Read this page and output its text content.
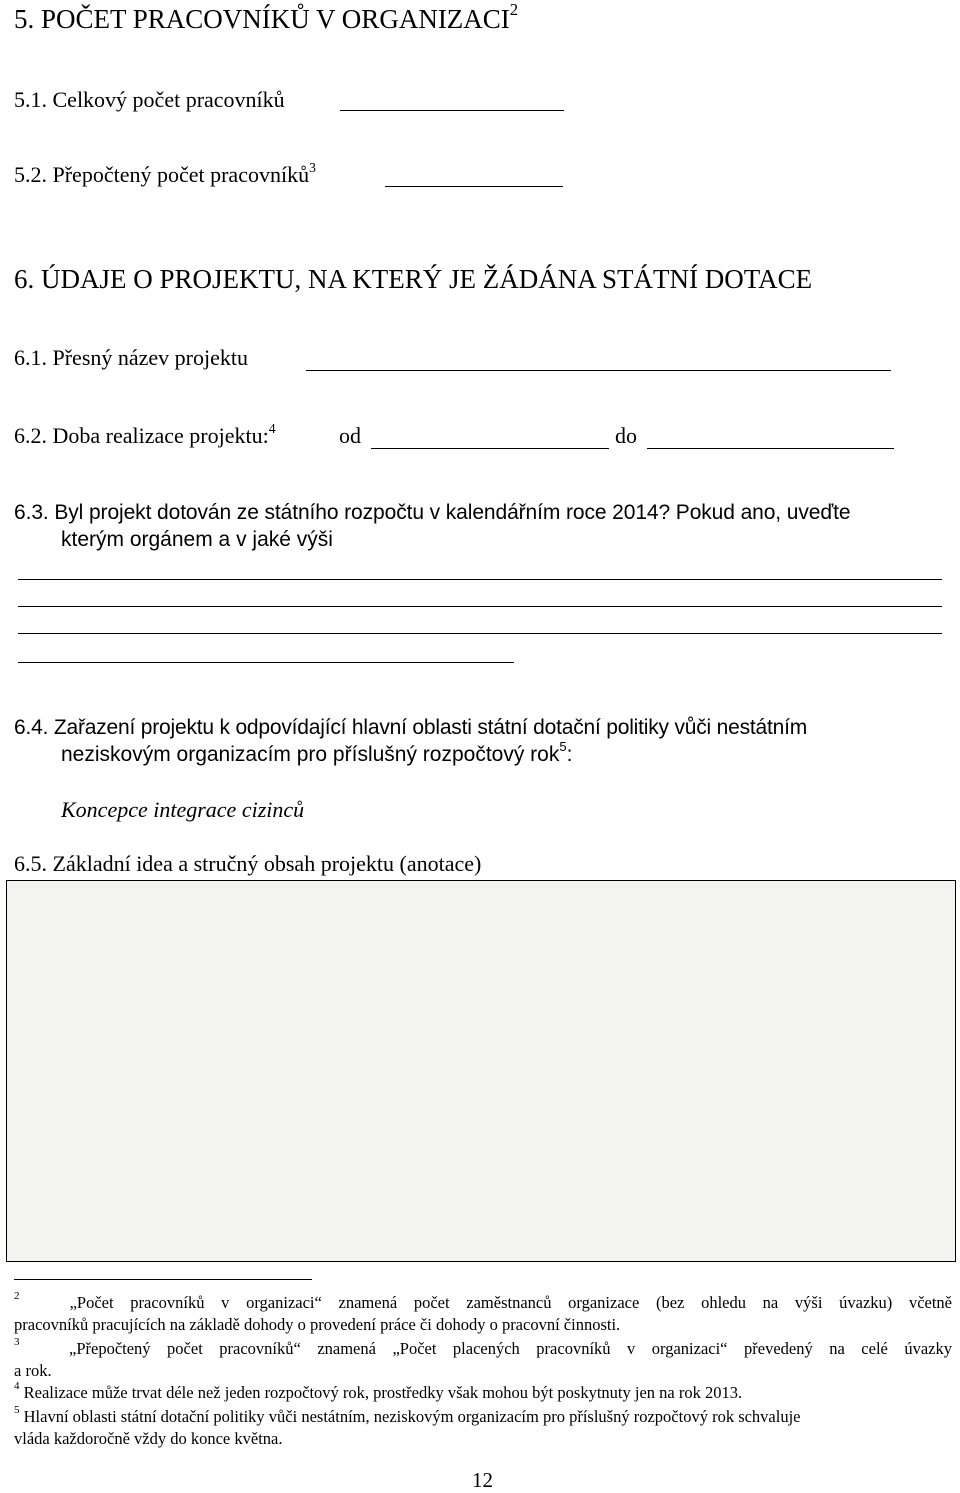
5. POČET PRACOVNÍKŮ V ORGANIZACI$^2$
5.1. Celkový počet pracovníků
5.2. Přepočtený počet pracovníků$^3$
6. ÚDAJE O PROJEKTU, NA KTERÝ JE ŽÁDÁNA STÁTNÍ DOTACE
6.1. Přesný název projektu
6.2. Doba realizace projektu:$^4$	od	do
6.3. Byl projekt dotován ze státního rozpočtu v kalendářním roce 2014? Pokud ano, uveďte
kterým orgánem a v jaké výši
6.4. Zařazení projektu k odpovídající hlavní oblasti státní dotační politiky vůči nestátním
neziskovým organizacím pro příslušný rozpočtový rok$^5$:
Koncepce integrace cizinců
6.5. Základní idea a stručný obsah projektu (anotace)
$^2$	„Počet pracovníků v organizaci“ znamená počet zaměstnanců organizace (bez ohledu na výši úvazku) včetně
pracovníků pracujících na základě dohody o provedení práce či dohody o pracovní činnosti.
$^3$	„Přepočtený počet pracovníků“ znamená „Počet placených pracovníků v organizaci“ převedený na celé úvazky
a rok.
$^4$ Realizace může trvat déle než jeden rozpočtový rok, prostředky však mohou být poskytnuty jen na rok 2013.
$^5$ Hlavní oblasti státní dotační politiky vůči nestátním, neziskovým organizacím pro příslušný rozpočtový rok schvaluje
vláda každoročně vždy do konce května.
12
